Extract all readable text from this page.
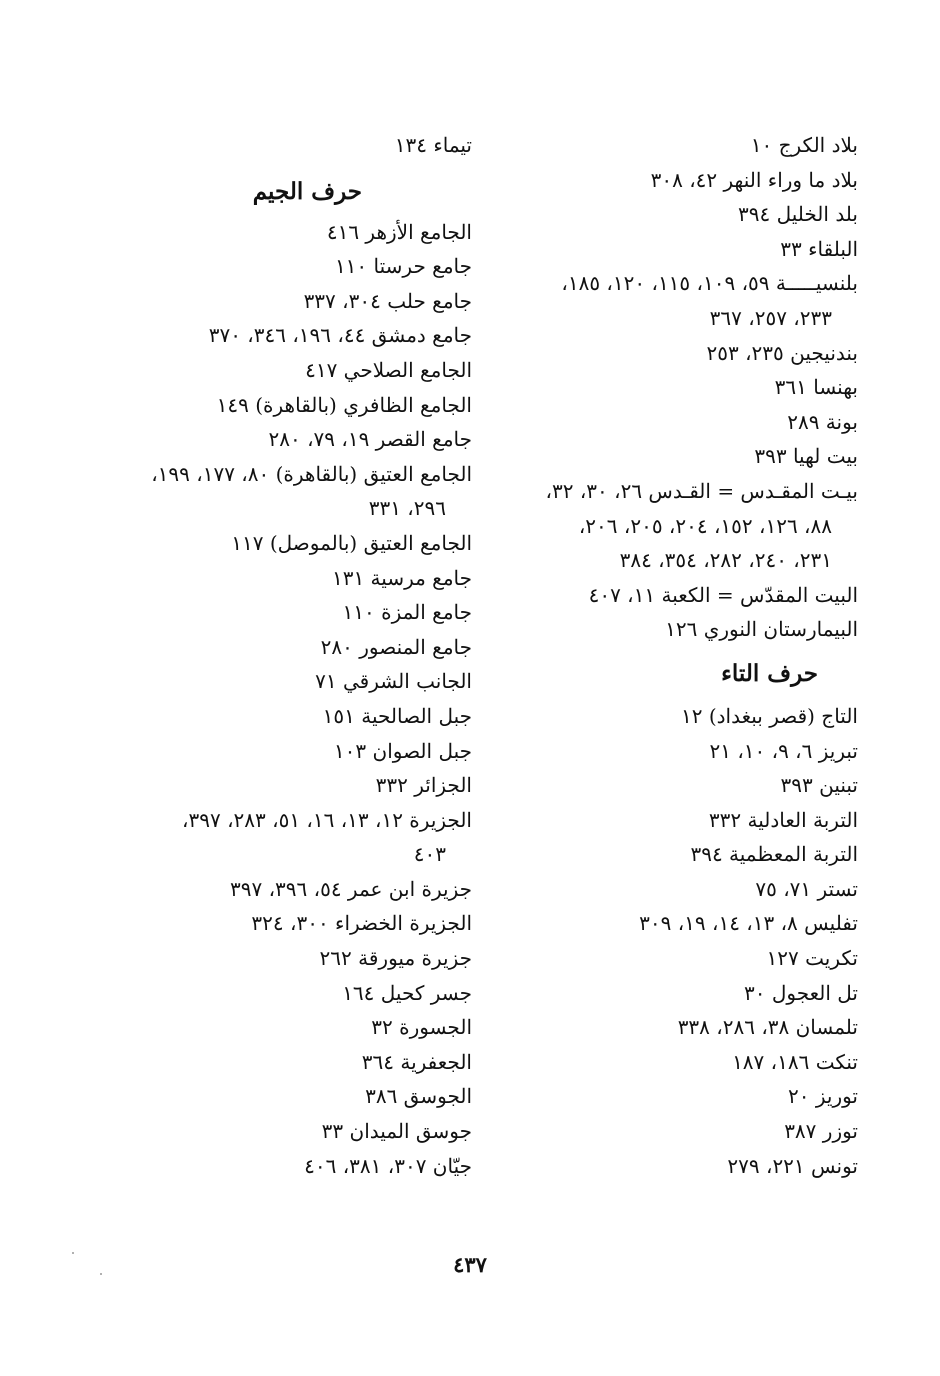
بلاد الكرج ١٠
بلاد ما وراء النهر ٤٢، ٣٠٨
بلد الخليل ٣٩٤
البلقاء ٣٣
بلنسيـــــة ٥٩، ١٠٩، ١١٥، ١٢٠، ١٨٥،
٢٣٣، ٢٥٧، ٣٦٧
بندنيجين ٢٣٥، ٢٥٣
بهنسا ٣٦١
بونة ٢٨٩
بيت لهيا ٣٩٣
بيـت المقـدس = القـدس ٢٦، ٣٠، ٣٢،
٨٨، ١٢٦، ١٥٢، ٢٠٤، ٢٠٥، ٢٠٦،
٢٣١، ٢٤٠، ٢٨٢، ٣٥٤، ٣٨٤
البيت المقدّس = الكعبة ١١، ٤٠٧
البيمارستان النوري ١٢٦
حرف التاء
التاج (قصر ببغداد) ١٢
تبريز ٦، ٩، ١٠، ٢١
تبنين ٣٩٣
التربة العادلية ٣٣٢
التربة المعظمية ٣٩٤
تستر ٧١، ٧٥
تفليس ٨، ١٣، ١٤، ١٩، ٣٠٩
تكريت ١٢٧
تل العجول ٣٠
تلمسان ٣٨، ٢٨٦، ٣٣٨
تنكت ١٨٦، ١٨٧
توريز ٢٠
توزر ٣٨٧
تونس ٢٢١، ٢٧٩
تيماء ١٣٤
حرف الجيم
الجامع الأزهر ٤١٦
جامع حرستا ١١٠
جامع حلب ٣٠٤، ٣٣٧
جامع دمشق ٤٤، ١٩٦، ٣٤٦، ٣٧٠
الجامع الصلاحي ٤١٧
الجامع الظافري (بالقاهرة) ١٤٩
جامع القصر ١٩، ٧٩، ٢٨٠
الجامع العتيق (بالقاهرة) ٨٠، ١٧٧، ١٩٩،
٢٩٦، ٣٣١
الجامع العتيق (بالموصل) ١١٧
جامع مرسية ١٣١
جامع المزة ١١٠
جامع المنصور ٢٨٠
الجانب الشرقي ٧١
جبل الصالحية ١٥١
جبل الصوان ١٠٣
الجزائر ٣٣٢
الجزيرة ١٢، ١٣، ١٦، ٥١، ٢٨٣، ٣٩٧،
٤٠٣
جزيرة ابن عمر ٥٤، ٣٩٦، ٣٩٧
الجزيرة الخضراء ٣٠٠، ٣٢٤
جزيرة ميورقة ٢٦٢
جسر كحيل ١٦٤
الجسورة ٣٢
الجعفرية ٣٦٤
الجوسق ٣٨٦
جوسق الميدان ٣٣
جيّان ٣٠٧، ٣٨١، ٤٠٦
٤٣٧
